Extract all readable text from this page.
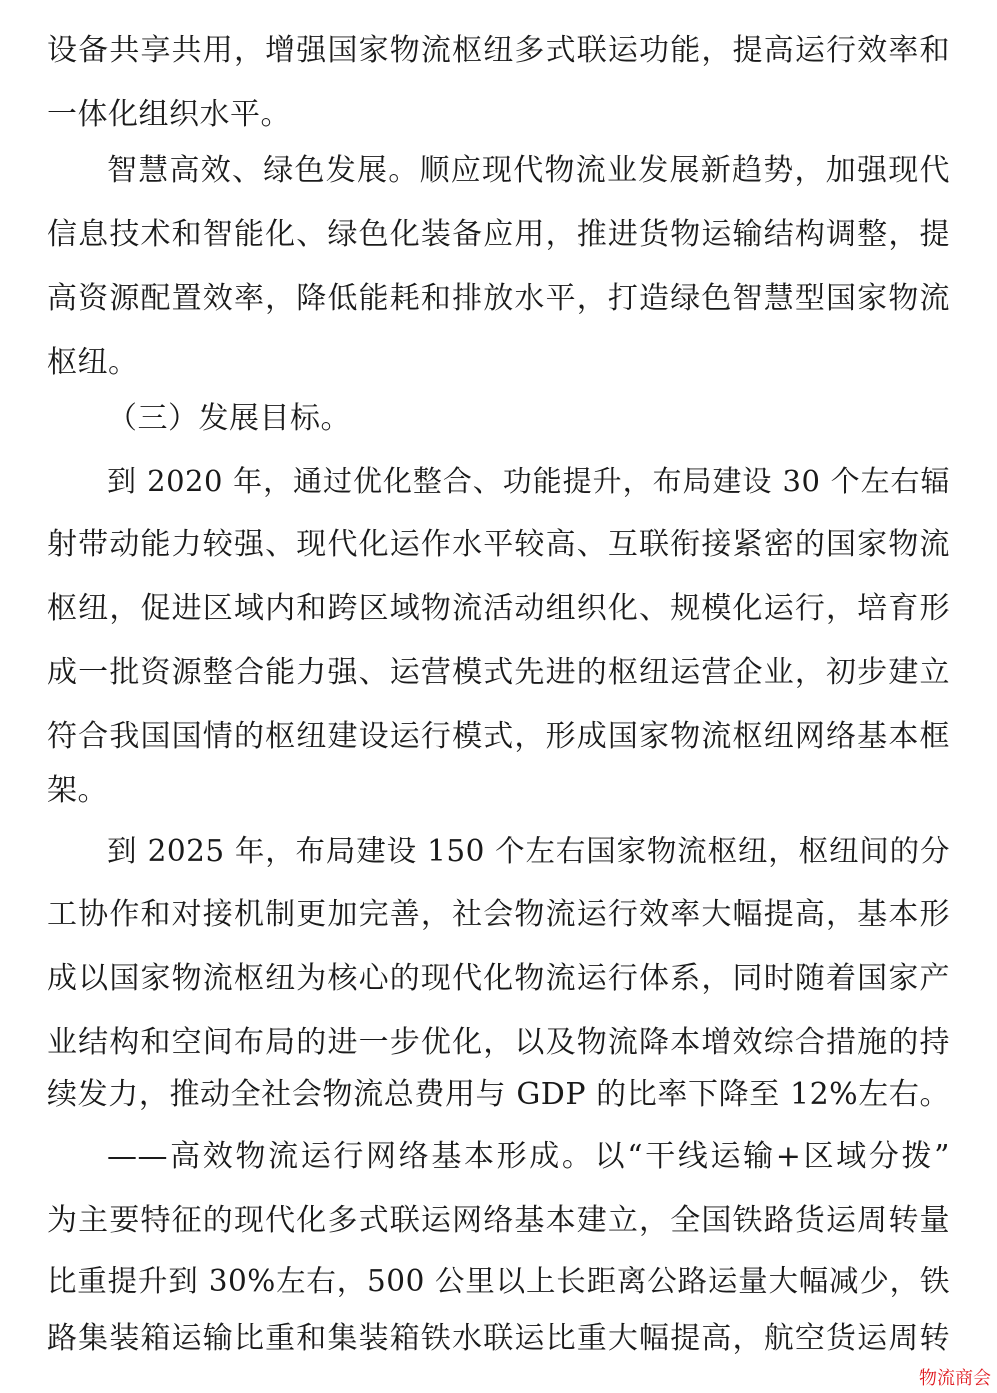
设备共享共用，增强国家物流枢纽多式联运功能，提高运行效率和
一体化组织水平。
智慧高效、绿色发展。顺应现代物流业发展新趋势，加强现代
信息技术和智能化、绿色化装备应用，推进货物运输结构调整，提
高资源配置效率，降低能耗和排放水平，打造绿色智慧型国家物流
枢纽。
（三）发展目标。
到 2020 年，通过优化整合、功能提升，布局建设 30 个左右辐
射带动能力较强、现代化运作水平较高、互联衔接紧密的国家物流
枢纽，促进区域内和跨区域物流活动组织化、规模化运行，培育形
成一批资源整合能力强、运营模式先进的枢纽运营企业，初步建立
符合我国国情的枢纽建设运行模式，形成国家物流枢纽网络基本框
架。
到 2025 年，布局建设 150 个左右国家物流枢纽，枢纽间的分
工协作和对接机制更加完善，社会物流运行效率大幅提高，基本形
成以国家物流枢纽为核心的现代化物流运行体系，同时随着国家产
业结构和空间布局的进一步优化，以及物流降本增效综合措施的持
续发力，推动全社会物流总费用与 GDP 的比率下降至 12%左右。
——高效物流运行网络基本形成。以“干线运输+区域分拨”
为主要特征的现代化多式联运网络基本建立，全国铁路货运周转量
比重提升到 30%左右，500 公里以上长距离公路运量大幅减少，铁
路集装箱运输比重和集装箱铁水联运比重大幅提高，航空货运周转
物流商会
